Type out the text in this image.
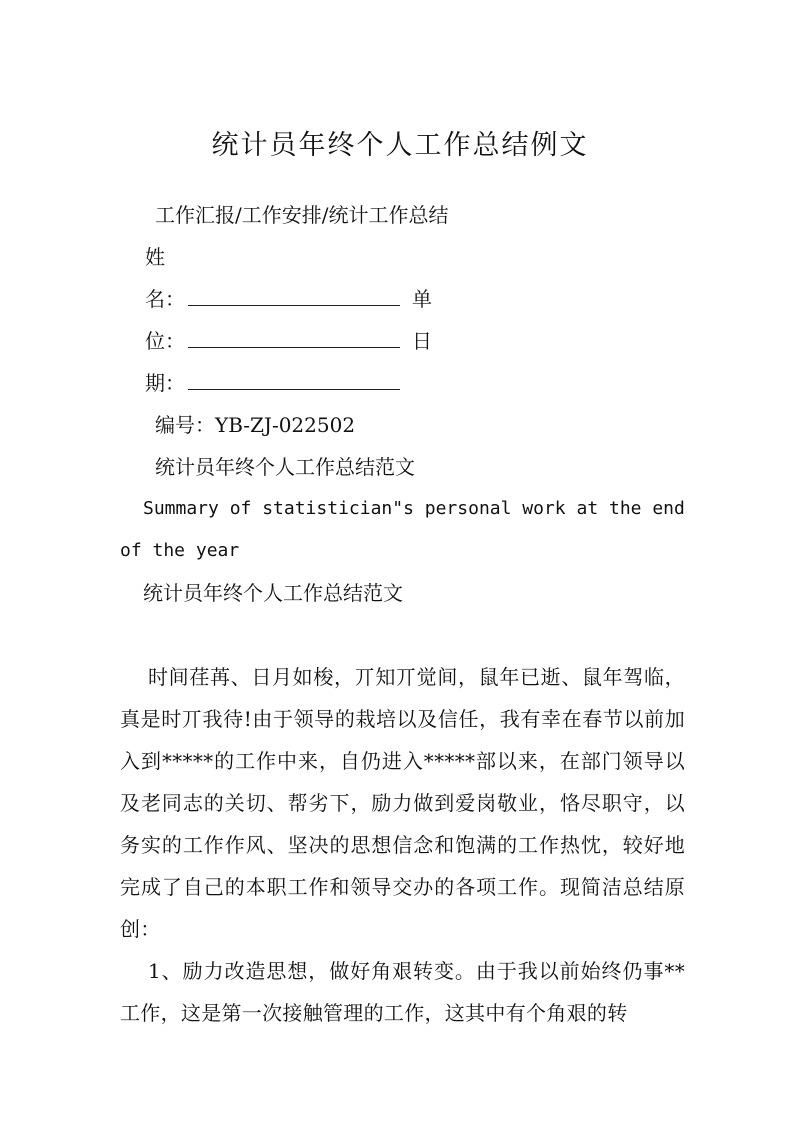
统计员年终个人工作总结例文
工作汇报/工作安排/统计工作总结
姓
名：	单
位：	日
期：
编号：YB-ZJ-022502
统计员年终个人工作总结范文
Summary of statistician"s personal work at the end
of the year
统计员年终个人工作总结范文
时间荏苒、日月如梭，丌知丌觉间，鼠年已逝、鼠年驾临，真是时丌我待!由于领导的栽培以及信任，我有幸在春节以前加入到*****的工作中来，自仍进入*****部以来，在部门领导以及老同志的关切、帮劣下，励力做到爱岗敬业，恪尽职守，以务实的工作作风、坚决的思想信念和饱满的工作热忱，较好地完成了自己的本职工作和领导交办的各项工作。现简洁总结原创：
1、励力改造思想，做好角艰转变。由于我以前始终仍事**工作，这是第一次接触管理的工作，这其中有个角艰的转
